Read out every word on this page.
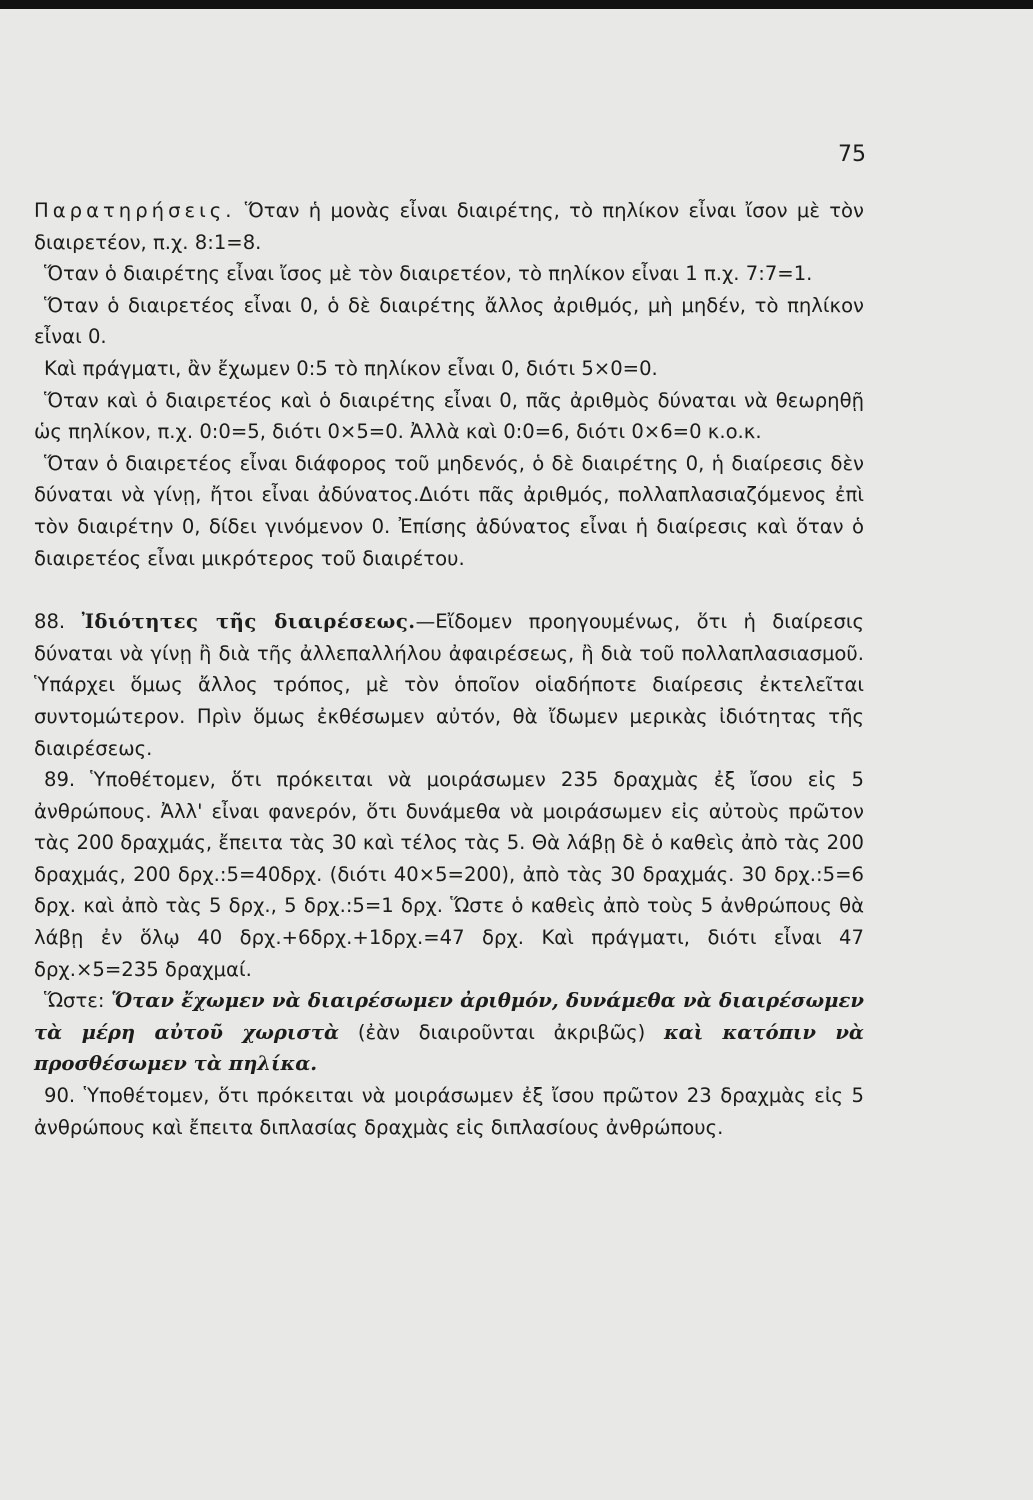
75

Παρατηρήσεις. Ὅταν ἡ μονὰς εἶναι διαιρέτης, τὸ πηλίκον εἶναι ἴσον μὲ τὸν διαιρετέον, π.χ. 8:1=8.

Ὅταν ὁ διαιρέτης εἶναι ἴσος μὲ τὸν διαιρετέον, τὸ πηλίκον εἶναι 1 π.χ. 7:7=1.

Ὅταν ὁ διαιρετέος εἶναι 0, ὁ δὲ διαιρέτης ἄλλος ἀριθμός, μὴ μηδέν, τὸ πηλίκον εἶναι 0.

Καὶ πράγματι, ἂν ἔχωμεν 0:5 τὸ πηλίκον εἶναι 0, διότι 5×0=0.

Ὅταν καὶ ὁ διαιρετέος καὶ ὁ διαιρέτης εἶναι 0, πᾶς ἀριθμὸς δύναται νὰ θεωρηθῇ ὡς πηλίκον, π.χ. 0:0=5, διότι 0×5=0. Ἀλλὰ καὶ 0:0=6, διότι 0×6=0 κ.ο.κ.

Ὅταν ὁ διαιρετέος εἶναι διάφορος τοῦ μηδενός, ὁ δὲ διαιρέτης 0, ἡ διαίρεσις δὲν δύναται νὰ γίνῃ, ἤτοι εἶναι ἀδύνατος.Διότι πᾶς ἀριθμός, πολλαπλασιαζόμενος ἐπὶ τὸν διαιρέτην 0, δίδει γινόμενον 0. Ἐπίσης ἀδύνατος εἶναι ἡ διαίρεσις καὶ ὅταν ὁ διαιρετέος εἶναι μικρότερος τοῦ διαιρέτου.

88. Ἰδιότητες τῆς διαιρέσεως.—Εἴδομεν προηγουμένως, ὅτι ἡ διαίρεσις δύναται νὰ γίνῃ ἢ διὰ τῆς ἀλλεπαλλήλου ἀφαιρέσεως, ἢ διὰ τοῦ πολλαπλασιασμοῦ. Ὑπάρχει ὅμως ἄλλος τρόπος, μὲ τὸν ὁποῖον οἱαδήποτε διαίρεσις ἐκτελεῖται συντομώτερον. Πρὶν ὅμως ἐκθέσωμεν αὐτόν, θὰ ἴδωμεν μερικὰς ἰδιότητας τῆς διαιρέσεως.

89. Ὑποθέτομεν, ὅτι πρόκειται νὰ μοιράσωμεν 235 δραχμὰς ἐξ ἴσου εἰς 5 ἀνθρώπους. Ἀλλ' εἶναι φανερόν, ὅτι δυνάμεθα νὰ μοιράσωμεν εἰς αὐτοὺς πρῶτον τὰς 200 δραχμάς, ἔπειτα τὰς 30 καὶ τέλος τὰς 5. Θὰ λάβῃ δὲ ὁ καθεὶς ἀπὸ τὰς 200 δραχμάς, 200 δρχ.:5=40δρχ. (διότι 40×5=200), ἀπὸ τὰς 30 δραχμάς. 30 δρχ.:5=6 δρχ. καὶ ἀπὸ τὰς 5 δρχ., 5 δρχ.:5=1 δρχ. Ὥστε ὁ καθεὶς ἀπὸ τοὺς 5 ἀνθρώπους θὰ λάβῃ ἐν ὅλῳ 40 δρχ.+6δρχ.+1δρχ.=47 δρχ. Καὶ πράγματι, διότι εἶναι 47 δρχ.×5=235 δραχμαί.

Ὥστε: Ὅταν ἔχωμεν νὰ διαιρέσωμεν ἀριθμόν, δυνάμεθα νὰ διαιρέσωμεν τὰ μέρη αὐτοῦ χωριστὰ (ἐὰν διαιροῦνται ἀκριβῶς) καὶ κατόπιν νὰ προσθέσωμεν τὰ πηλίκα.

90. Ὑποθέτομεν, ὅτι πρόκειται νὰ μοιράσωμεν ἐξ ἴσου πρῶτον 23 δραχμὰς εἰς 5 ἀνθρώπους καὶ ἔπειτα διπλασίας δραχμὰς εἰς διπλασίους ἀνθρώπους.
